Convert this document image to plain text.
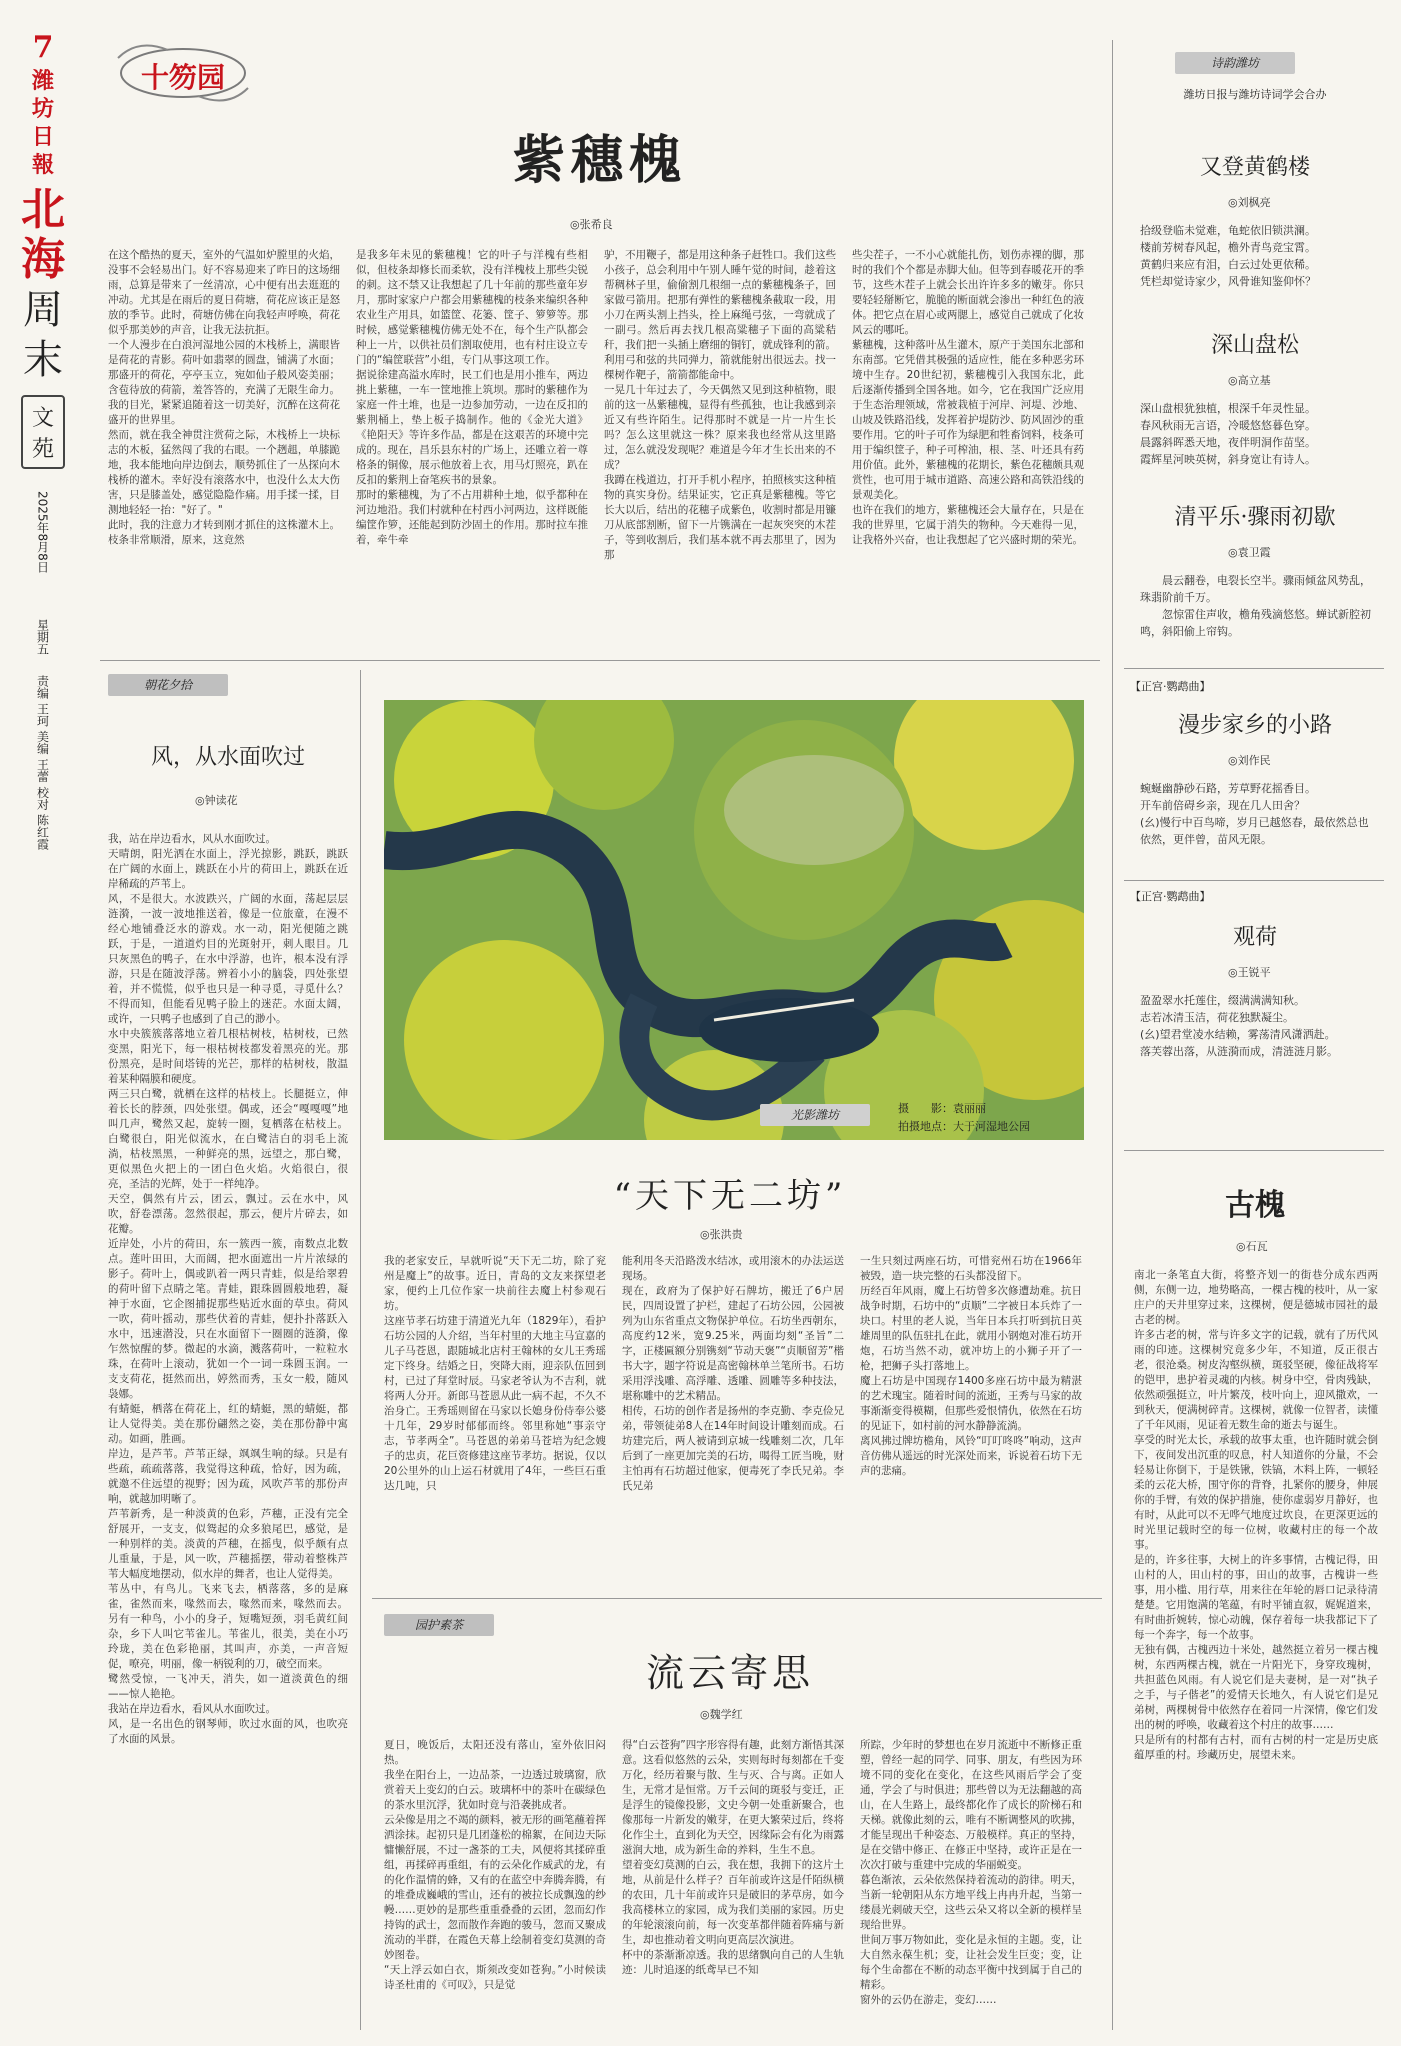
7
潍
坊
日
報
北
海
周
末
文
苑
2025年8月8日
星期五
责编 王珂 美编 王蕾 校对 陈红霞
十笏园
紫穗槐
◎张希良
在这个酷热的夏天，室外的气温如炉膛里的火焰，没事不会轻易出门。好不容易迎来了昨日的这场细雨，总算是带来了一丝清凉，心中便有出去逛逛的冲动。尤其是在雨后的夏日荷塘，荷花应该正是怒放的季节。此时，荷塘仿佛在向我轻声呼唤，荷花似乎那美妙的声音，让我无法抗拒。
一个人漫步在白浪河湿地公园的木栈桥上，满眼皆是荷花的青影。荷叶如翡翠的圆盘，铺满了水面；那盛开的荷花，亭亭玉立，宛如仙子般风姿美丽；含苞待放的荷箭，羞答答的，充满了无限生命力。我的目光，紧紧追随着这一切美好，沉醉在这荷花盛开的世界里。
然而，就在我全神贯注赏荷之际，木栈桥上一块标志的木板，猛然闯了我的右眼。一个趔趄，单膝跪地，我本能地向岸边倒去，顺势抓住了一丛探向木栈桥的灌木。幸好没有滚落水中，也没什么太大伤害，只是膝盖处，感觉隐隐作痛。用手揉一揉，目测地轻轻一抬："好了。"
此时，我的注意力才转到刚才抓住的这株灌木上。枝条非常顺滑，原来，这竟然
是我多年未见的紫穗槐！它的叶子与洋槐有些相似，但枝条却修长而柔软，没有洋槐枝上那些尖锐的刺。这不禁又让我想起了几十年前的那些童年岁月，那时家家户户都会用紫穗槐的枝条来编织各种农业生产用具，如篮筐、花篓、筐子、箩箩等。那时候，感觉紫穗槐仿佛无处不在，每个生产队都会种上一片，以供社员们割取使用，也有村庄设立专门的“编筐联营”小组，专门从事这项工作。
据说徐建高溢水库时，民工们也是用小推车，两边挑上紫穗，一车一筐地推上筑坝。那时的紫穗作为家庭一件土堆，也是一边参加劳动，一边在反扣的紫荆桶上，垫上板子捣制作。他的《金光大道》《艳阳天》等许多作品，都是在这艰苦的环境中完成的。现在，昌乐县东村的广场上，还雕立着一尊格条的铜像，展示他放着上衣，用马灯照亮，趴在反扣的紫荆上奋笔疾书的景象。
那时的紫穗槐，为了不占用耕种土地，似乎都种在河边地沿。我们村就种在村西小河两边，这样既能编筐作箩，还能起到防沙固土的作用。那时拉车推着，牵牛牵
驴，不用鞭子，都是用这种条子赶牲口。我们这些小孩子，总会利用中午别人睡午觉的时间，趁着这帮稠林子里，偷偷割几根细一点的紫穗槐条子，回家做弓箭用。把那有弹性的紫穗槐条截取一段，用小刀在两头割上挡头，拴上麻绳弓弦，一弯就成了一副弓。然后再去找几根高粱穗子下面的高粱秸秆，我们把一头插上磨细的铜钉，就成锋利的箭。利用弓和弦的共同弹力，箭就能射出很远去。找一棵树作靶子，箭箭都能命中。
一晃几十年过去了，今天偶然又见到这种植物，眼前的这一丛紫穗槐，显得有些孤独，也让我感到亲近又有些许陌生。记得那时不就是一片一片生长吗？怎么这里就这一株？原来我也经常从这里路过，怎么就没发现呢？难道是今年才生长出来的不成？
我蹲在栈道边，打开手机小程序，拍照核实这种植物的真实身份。结果证实，它正真是紫穗槐。等它长大以后，结出的花穗子成紫色，收割时都是用镰刀从底部割断，留下一片镌满在一起灰突突的木茬子，等到收割后，我们基本就不再去那里了，因为那
些尖茬子，一不小心就能扎伤，划伤赤裸的脚，那时的我们个个都是赤脚大仙。但等到春暖花开的季节，这些木茬子上就会长出许许多多的嫩芽。你只要轻轻掰断它，脆脆的断面就会渗出一种红色的液体。把它点在眉心或两腮上，感觉自己就成了化妆风云的哪吒。
紫穗槐，这种落叶丛生灌木，原产于美国东北部和东南部。它凭借其极强的适应性，能在多种恶劣环境中生存。20世纪初，紫穗槐引入我国东北，此后逐渐传播到全国各地。如今，它在我国广泛应用于生态治理领域，常被栽植于河岸、河堤、沙地、山坡及铁路沿线，发挥着护堤防沙、防风固沙的重要作用。它的叶子可作为绿肥和牲畜饲料，枝条可用于编织筐子，种子可榨油，根、茎、叶还具有药用价值。此外，紫穗槐的花期长，紫色花穗颇具观赏性，也可用于城市道路、高速公路和高铁沿线的景观美化。
也许在我们的地方，紫穗槐还会大量存在，只是在我的世界里，它属于消失的物种。今天难得一见，让我格外兴奋，也让我想起了它兴盛时期的荣光。
朝花夕拾
风，从水面吹过
◎钟读花
我，站在岸边看水，风从水面吹过。
天晴朗，阳光洒在水面上，浮光掠影，跳跃，跳跃在广阔的水面上，跳跃在小片的荷田上，跳跃在近岸稀疏的芦苇上。
风，不是很大。水波跌兴，广阔的水面，荡起层层涟漪，一波一波地推送着，像是一位旅童，在漫不经心地铺叠泛水的游戏。水一动，阳光便随之跳跃，于是，一道道灼目的光斑射开，刺人眼目。几只灰黑色的鸭子，在水中浮游，也许，根本没有浮游，只是在随波浮荡。辨着小小的脑袋，四处张望着，并不慌慌，似乎也只是一种寻觅，寻觅什么？不得而知，但能看见鸭子脸上的迷茫。水面太阔，或许，一只鸭子也感到了自己的渺小。
水中央簇簇落落地立着几根枯树枝，枯树枝，已然变黑，阳光下，每一根枯树枝都发着黑亮的光。那份黑亮，是时间塔铸的光芒，那样的枯树枝，散温着某种隔膜和硬度。
两三只白鹭，就栖在这样的枯枝上。长腿挺立，伸着长长的脖颈，四处张望。偶或，还会“嘎嘎嘎”地叫几声，鹭然又起，旋转一圈，复栖落在枯枝上。白鹭很白，阳光似流水，在白鹭洁白的羽毛上流淌，枯枝黑黑，一种鲜亮的黑，远望之，那白鹭，更似黑色火把上的一团白色火焰。火焰很白，很亮，圣洁的光辉，处于一样纯净。
天空，偶然有片云，团云，飘过。云在水中，风吹，舒卷漂荡。忽然很起，那云，便片片碎去，如花瓣。
近岸处，小片的荷田，东一簇西一簇，南数点北数点。莲叶田田，大而阔，把水面遮出一片片浓绿的影子。荷叶上，偶或趴着一两只青蛙，似是给翠碧的荷叶留下点睛之笔。青蛙，跟珠圆圆般地碧，凝神于水面，它企图捕捉那些贴近水面的草虫。荷风一吹，荷叶摇动，那些伏着的青蛙，便扑扑落跃入水中，迅速潜没，只在水面留下一圈圈的涟漪，像乍然惊醒的梦。微起的水滴，溅落荷叶，一粒粒水珠，在荷叶上滚动，犹如一个一词一珠圆玉润。一支支荷花，挺然而出，婷然而秀，玉女一般，随风袅娜。
有蜻蜓，栖落在荷花上，红的蜻蜓，黑的蜻蜓，都让人觉得美。美在那份翩然之姿，美在那份静中寓动。如画，胜画。
岸边，是芦苇。芦苇正绿，飒飒生响的绿。只是有些疏，疏疏落落，我觉得这种疏，恰好，因为疏，就邀不住远望的视野；因为疏，风吹芦苇的那份声响，就越加明晰了。
芦苇新秀，是一种淡黄的色彩，芦穗，正没有完全舒展开，一支支，似鸳起的众多狼尾巴，感觉，是一种别样的美。淡黄的芦穗，在摇曳，似乎颇有点儿重量，于是，风一吹，芦穗摇摆，带动着整株芦苇大幅度地摆动，似水岸的舞者，也让人觉得美。
苇丛中，有鸟儿。飞来飞去，栖落落，多的是麻雀，雀然而来，喙然而去，喙然而来，喙然而去。另有一种鸟，小小的身子，短嘴短颈，羽毛黄红间杂，乡下人叫它苇雀儿。苇雀儿，很美，美在小巧玲珑，美在色彩艳丽，其叫声，亦美，一声音短促，嘹亮，明丽，像一柄锐利的刀，破空而来。
鹭然受惊，一飞冲天，消失，如一道淡黄色的细——惊人艳艳。
我站在岸边看水，看风从水面吹过。
风，是一名出色的钢琴师，吹过水面的风，也吹亮了水面的风景。
光影潍坊	摄　　影：袁丽丽
拍摄地点：大于河湿地公园
“天下无二坊”
◎张洪贵
我的老家安丘，早就听说“天下无二坊，除了兖州是魔上”的故事。近日，青岛的文友来探望老家，便约上几位作家一块前往去魔上村参观石坊。
这座节孝石坊建于清道光九年（1829年），看护石坊公园的人介绍，当年村里的大地主马宣嘉的儿子马苍恩，跟随城北店村王翰林的女儿王秀瑶定下终身。结婚之日，突降大雨，迎亲队伍回到村，已过了拜堂时辰。马家老爷认为不吉利，就将两人分开。新郎马苍恩从此一病不起，不久不治身亡。王秀瑶则留在马家以长媳身份侍奉公婆十几年，29岁时郁郁而终。邻里称她“事亲守志，节孝两全”。马苍恩的弟弟马苍培为纪念嫂子的忠贞，花巨资修建这座节孝坊。据说，仅以20公里外的山上运石材就用了4年，一些巨石重达几吨，只
能利用冬天沿路泼水结冰，或用滚木的办法运送现场。
现在，政府为了保护好石牌坊，搬迁了6户居民，四周设置了护栏，建起了石坊公园，公园被列为山东省重点文物保护单位。石坊坐西朝东，高度约12米，宽9.25米，两面均刻“圣旨”二字，正楼匾额分别镌刻“节动天褒”“贞顺留芳”楷书大字，题字符说是高密翰林单兰笔所书。石坊采用浮浅雕、高浮雕、透雕、圆雕等多种技法，堪称雕中的艺术精品。
相传，石坊的创作者是扬州的李克勤、李克俭兄弟，带领徒弟8人在14年时间设计雕刻而成。石坊建完后，两人被请到京城一线雕刻二次，几年后到了一座更加完美的石坊，喝得工匠当晚，财主怕再有石坊超过他家，便毒死了李氏兄弟。李氏兄弟
一生只刻过两座石坊，可惜兖州石坊在1966年被毁，造一块完整的石头都没留下。
历经百年风雨，魔上石坊曾多次修遭劫难。抗日战争时期，石坊中的“贞顺”二字被日本兵炸了一块口。村里的老人说，当年日本兵打听到抗日英雄周里的队伍驻扎在此，就用小钢炮对准石坊开炮，石坊当然不动，就冲坊上的小狮子开了一枪，把狮子头打落地上。
魔上石坊是中国现存1400多座石坊中最为精湛的艺术瑰宝。随着时间的流逝，王秀与马家的故事渐渐变得模糊，但那些爱恨情仇，依然在石坊的见证下，如村前的河水静静流淌。
离风拂过牌坊檐角，风铃“叮叮咚咚”响动，这声音仿佛从遥远的时光深处而来，诉说着石坊下无声的悲痛。
园护素茶
流云寄思
◎魏学红
夏日，晚饭后，太阳还没有落山，室外依旧闷热。
我坐在阳台上，一边品茶，一边透过玻璃窗，欣赏着天上变幻的白云。玻璃杯中的茶叶在碳绿色的茶水里沉浮，犹如时竟与沿袭挑成者。
云朵像是用之不竭的颜料，被无形的画笔蘸着挥洒涂抹。起初只是几团蓬松的棉絮，在间边天际慵懒舒展，不过一盏茶的工夫，风便将其揉碎重组，再揉碎再重组，有的云朵化作威武的龙，有的化作温情的蜂，又有的在蓝空中奔腾奔腾，有的堆叠成巍峨的雪山，还有的被拉长成飘逸的纱幔……更妙的是那些重重叠叠的云团，忽而幻作持钩的武士，忽而散作奔跑的骏马，忽而又聚成流动的半群，在霞色天幕上绘制着变幻莫测的奇妙图卷。
“天上浮云如白衣，斯须改变如苍狗。”小时候读诗圣杜甫的《可叹》，只是觉
得“白云苍狗”四字形容得有趣，此刻方渐悟其深意。这看似悠然的云朵，实则每时每刻都在千变万化，经历着聚与散、生与灭、合与离。正如人生，无常才是恒常。万千云间的斑驳与变迁，正是浮生的镜像投影，文史今朝一处重新聚合，也像那每一片新发的嫩芽，在更大繁荣过后，终将化作尘土，直到化为天空，因缘际会有化为雨露滋润大地，成为新生命的养料，生生不息。
望着变幻莫测的白云，我在想，我拥下的这片土地，从前是什么样子？百年前或许这是仟陌纵横的农田，几十年前或许只是破旧的茅草房，如今我高楼林立的家园，成为我们美丽的家园。历史的年轮滚滚向前，每一次变革都伴随着阵痛与新生，却也推动着文明向更高层次演进。
杯中的茶渐渐凉透。我的思绪飘向自己的人生轨迹：儿时追逐的纸鸢早已不知
所踪，少年时的梦想也在岁月流逝中不断修正重塑，曾经一起的同学、同事、朋友，有些因为环境不同的变化在变化，在这些风雨后学会了变通，学会了与时俱进；那些曾以为无法翻越的高山，在人生路上，最终都化作了成长的阶梯石和天梯。就像此刻的云，唯有不断调整风的吹拂，才能呈现出千种姿态、万般模样。真正的坚持，是在交错中修正、在修正中坚持，或许正是在一次次打破与重建中完成的华丽蜕变。
暮色渐浓，云朵依然保持着流动的韵律。明天，当新一轮朝阳从东方地平线上冉冉升起，当第一缕晨光刺破天空，这些云朵又将以全新的模样呈现给世界。
世间万事万物如此，变化是永恒的主题。变，让大自然永葆生机；变，让社会发生巨变；变，让每个生命都在不断的动态平衡中找到属于自己的精彩。
窗外的云仍在游走，变幻……
诗韵潍坊
潍坊日报与潍坊诗词学会合办
又登黄鹤楼
◎刘枫亮
拾级登临未觉难，龟蛇依旧锁洪澜。
楼前芳树春风起，檐外青鸟竞宝霄。
黄鹤归来应有泪，白云过处更依稀。
凭栏却觉诗家少，风骨谁知鉴仰怀？
深山盘松
◎高立基
深山盘根犹独植，根深千年灵性显。
春风秋雨无言语，冷暖悠悠暮色穿。
晨露斜晖悉天地，夜伴明洞作苗坚。
霞辉星河映英树，斜身宽让有诗人。
清平乐·骤雨初歇
◎袁卫霞
晨云翻卷，电裂长空半。骤雨倾盆风势乱，珠翡阶前千万。
忽惊雷住声收，檐角残滴悠悠。蝉试新腔初鸣，斜阳偷上帘钩。
【正宫·鹦鹉曲】
漫步家乡的小路
◎刘作民
蜿蜒幽静砂石路，芳草野花摇香目。
开车前倍碍乡亲，现在几人田舍？
(幺)慢行中百鸟啼，岁月已越悠春，最依然总也依然，更伴曾，苗风无限。
【正宫·鹦鹉曲】
观荷
◎王锐平
盈盈翠水托莲住，缀满满满知秋。
志若冰清玉洁，荷花独默凝尘。
(幺)望君堂凌水结赖，雾荡清风潇洒赴。
落芙蓉出落，从涟漪而成，清涟涟月影。
古槐
◎石瓦
南北一条笔直大街，将整齐划一的街巷分成东西两侧，东侧一边，地势略高，一棵古槐的枝叶，从一家庄户的天井里穿过来，这棵树，便是德城市园社的最古老的树。
许多古老的树，常与许多文字的记载，就有了历代风雨的印迹。这棵树究竟多少年，不知道，反正很古老，很沧桑。树皮沟壑纵横，斑驳坚硬，像征战将军的铠甲，患护着灵魂的内核。树身中空，骨肉残缺，依然顽强挺立，叶片繁茂，枝叶向上，迎风撒欢，一到秋天，便满树碎青。这棵树，就像一位智者，读懂了千年风雨，见证着无数生命的逝去与诞生。
享受的时光太长，承载的故事太重，也许随时就会倒下，夜间发出沉重的叹息，村人知道你的分量，不会轻易让你倒下，于是铁锹，铁镐，木料上阵，一顿轻柔的云花大桥，围守你的背脊，扎紧你的腰身，伸展你的手臂，有效的保护措施，使你虚弱岁月静好，也有时，从此可以不无哗气地度过坎良，在更深更远的时光里记载时空的每一位树，收藏村庄的每一个故事。
是的，许多往事，大树上的许多事情，古槐记得，田山村的人，田山村的事，田山的故事，古槐讲一些事，用小槛、用行草，用来往在年轮的唇口记录待清楚楚。它用饱满的笔蕴，有时平铺直叙，娓娓道来，有时曲折婉转，惊心动魄，保存着每一块我都记下了每一个奔字，每一个故事。
无独有偶，古槐西边十米处，越然挺立着另一棵古槐树，东西两棵古槐，就在一片阳光下，身穿玫瑰树，共担蓝色风雨。有人说它们是夫妻树，是一对“执子之手，与子偕老”的爱情天长地久，有人说它们是兄弟树，两棵树骨中依然存在着同一片深情，像它们发出的树的呼唤，收藏着这个村庄的故事……
只是所有的村都有古村，而有古树的村一定是历史底蕴厚重的村。珍藏历史，展望未来。
